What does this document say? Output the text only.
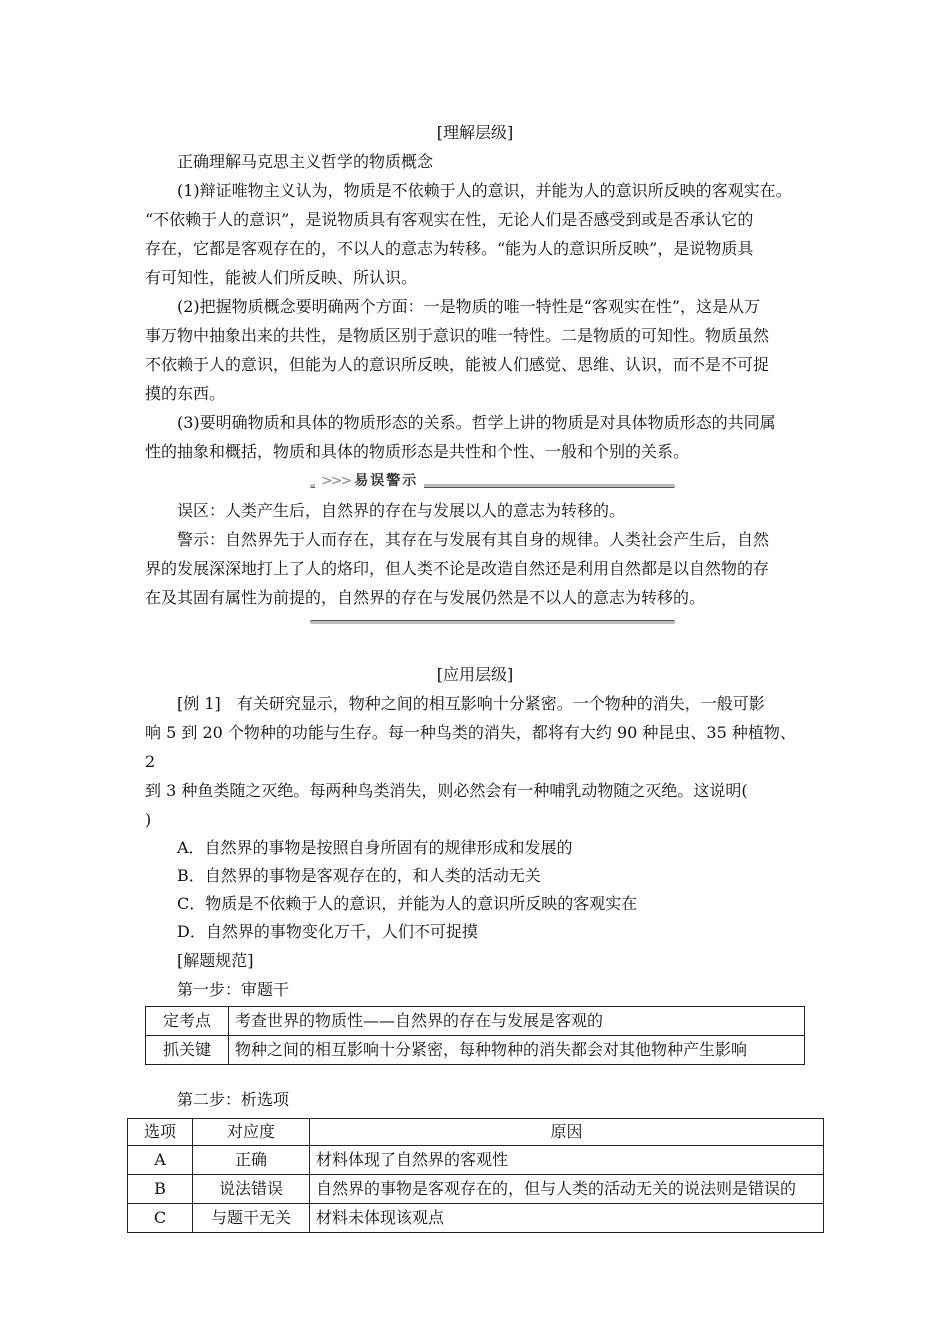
[理解层级]

正确理解马克思主义哲学的物质概念

(1)辩证唯物主义认为，物质是不依赖于人的意识，并能为人的意识所反映的客观实在。

“不依赖于人的意识”，是说物质具有客观实在性，无论人们是否感受到或是否承认它的

存在，它都是客观存在的，不以人的意志为转移。“能为人的意识所反映”，是说物质具

有可知性，能被人们所反映、所认识。

(2)把握物质概念要明确两个方面：一是物质的唯一特性是“客观实在性”，这是从万

事万物中抽象出来的共性，是物质区别于意识的唯一特性。二是物质的可知性。物质虽然

不依赖于人的意识，但能为人的意识所反映，能被人们感觉、思维、认识，而不是不可捉

摸的东西。

(3)要明确物质和具体的物质形态的关系。哲学上讲的物质是对具体物质形态的共同属

性的抽象和概括，物质和具体的物质形态是共性和个性、一般和个别的关系。

>>> 易误警示

误区：人类产生后，自然界的存在与发展以人的意志为转移的。

警示：自然界先于人而存在，其存在与发展有其自身的规律。人类社会产生后，自然

界的发展深深地打上了人的烙印，但人类不论是改造自然还是利用自然都是以自然物的存

在及其固有属性为前提的，自然界的存在与发展仍然是不以人的意志为转移的。

[应用层级]

[例 1]　有关研究显示，物种之间的相互影响十分紧密。一个物种的消失，一般可影

响 5 到 20 个物种的功能与生存。每一种鸟类的消失，都将有大约 90 种昆虫、35 种植物、2

到 3 种鱼类随之灭绝。每两种鸟类消失，则必然会有一种哺乳动物随之灭绝。这说明(

)

A．自然界的事物是按照自身所固有的规律形成和发展的

B．自然界的事物是客观存在的，和人类的活动无关

C．物质是不依赖于人的意识，并能为人的意识所反映的客观实在

D．自然界的事物变化万千，人们不可捉摸

[解题规范]

第一步：审题干

定考点	考查世界的物质性——自然界的存在与发展是客观的
抓关键	物种之间的相互影响十分紧密，每种物种的消失都会对其他物种产生影响

第二步：析选项

选项	对应度	原因
A	正确	材料体现了自然界的客观性
B	说法错误	自然界的事物是客观存在的，但与人类的活动无关的说法则是错误的
C	与题干无关	材料未体现该观点
